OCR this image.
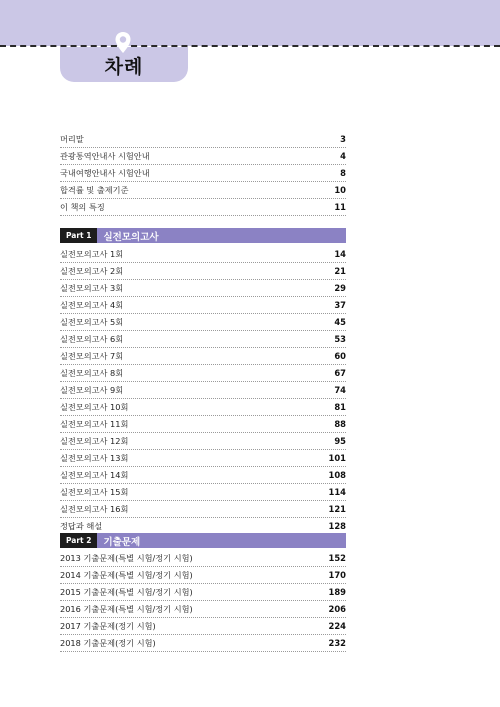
차례
머리말	3
관광통역안내사 시험안내	4
국내여행안내사 시험안내	8
합격률 및 출제기준	10
이 책의 특징	11
Part 1	실전모의고사
실전모의고사 1회	14
실전모의고사 2회	21
실전모의고사 3회	29
실전모의고사 4회	37
실전모의고사 5회	45
실전모의고사 6회	53
실전모의고사 7회	60
실전모의고사 8회	67
실전모의고사 9회	74
실전모의고사 10회	81
실전모의고사 11회	88
실전모의고사 12회	95
실전모의고사 13회	101
실전모의고사 14회	108
실전모의고사 15회	114
실전모의고사 16회	121
정답과 해설	128
Part 2	기출문제
2013 기출문제(특별 시험/정기 시험)	152
2014 기출문제(특별 시험/정기 시험)	170
2015 기출문제(특별 시험/정기 시험)	189
2016 기출문제(특별 시험/정기 시험)	206
2017 기출문제(정기 시험)	224
2018 기출문제(정기 시험)	232
